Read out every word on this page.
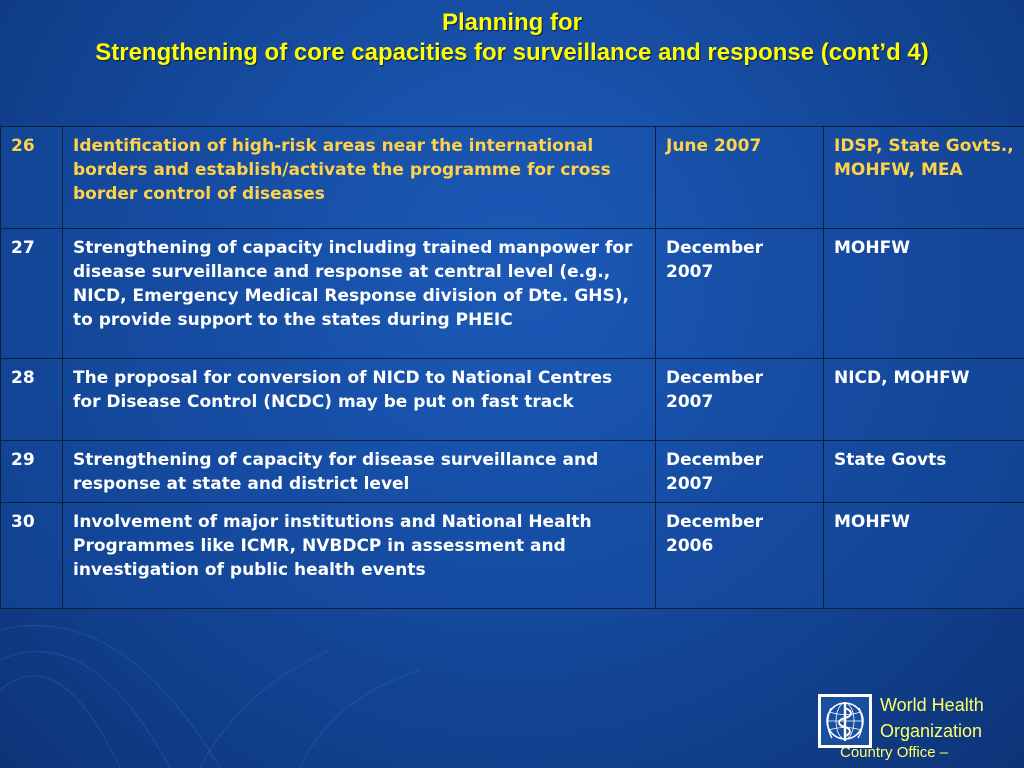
Planning for
Strengthening of core capacities for surveillance and response (cont’d 4)
26	Identification of high-risk areas near the international borders and establish/activate the programme for cross border control of diseases	June 2007	IDSP, State Govts., MOHFW, MEA
27	Strengthening of capacity including trained manpower for disease surveillance and response at central level (e.g., NICD, Emergency Medical Response division of Dte. GHS), to provide support to the states during PHEIC	December 2007	MOHFW
28	The proposal for conversion of NICD to National Centres for Disease Control (NCDC) may be put on fast track	December 2007	NICD, MOHFW
29	Strengthening of capacity for disease surveillance and response at state and district level	December 2007	State Govts
30	Involvement of major institutions and National Health Programmes like ICMR, NVBDCP in assessment and investigation of public health events	December 2006	MOHFW
World Health
Organization
Country Office –
